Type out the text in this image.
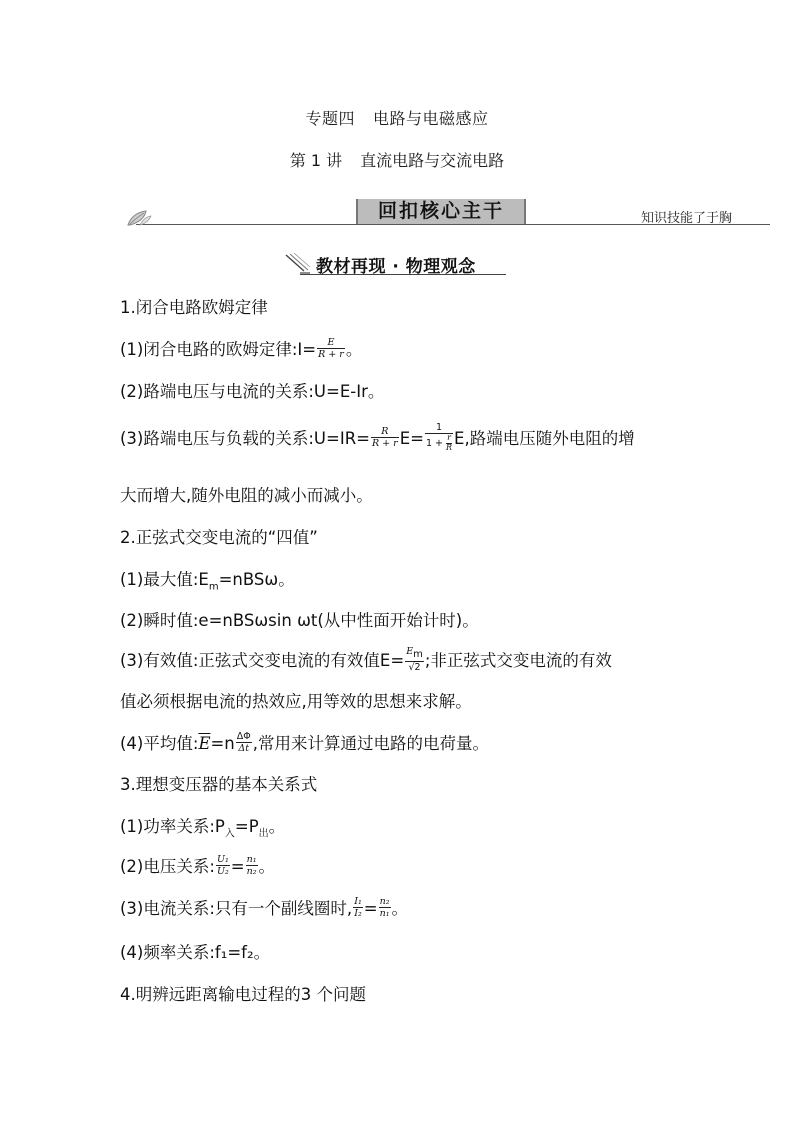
专题四 电路与电磁感应
第 1 讲 直流电路与交流电路
回扣核心主干	知识技能了于胸
教材再现 · 物理观念
1.闭合电路欧姆定律
(1)闭合电路的欧姆定律:I= $\frac{E}{R + r}$ 。
(2)路端电压与电流的关系:U=E-Ir。
(3)路端电压与负载的关系:U=IR= $\frac{R}{R + r} E= \frac{1}{1 + \frac{r}{R}} E$,路端电压随外电阻的增
大而增大,随外电阻的减小而减小。
2.正弦式交变电流的“四值”
(1)最大值$:E_m=nBS\omega$。
(2)瞬时值:e=nBSωsin ωt(从中性面开始计时)。
(3)有效值:正弦式交变电流的有效值$E= \frac{E_m}{√2}$ ;非正弦式交变电流的有效
值必须根据电流的热效应,用等效的思想来求解。
(4)平均值$:\overline{E}=n \frac{\Delta\Phi}{\Delta t}$ ,常用来计算通过电路的电荷量。
3.理想变压器的基本关系式
(1)功率关系$:P_入=P_出$。
(2)电压关系: $\frac{\text{U₁}}{\text{U₂}} = \frac{\text{n₁}}{\text{n₂}}$ 。
(3)电流关系:只有一个副线圈时, $\frac{\text{I₁}}{\text{I₂}} = \frac{\text{n₂}}{\text{n₁}}$ 。
(4)频率关系:f₁=f₂。
4.明辨远距离输电过程的3 个问题
